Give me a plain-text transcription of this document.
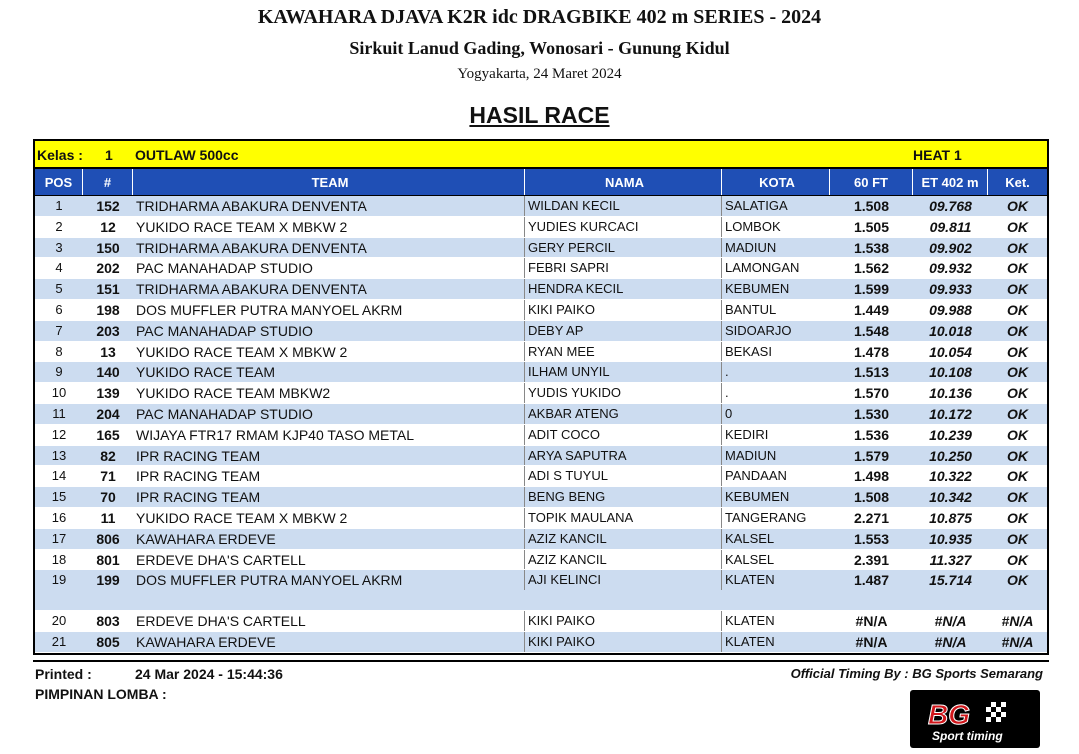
KAWAHARA DJAVA K2R idc DRAGBIKE 402 m SERIES - 2024
Sirkuit Lanud Gading, Wonosari - Gunung Kidul
Yogyakarta, 24 Maret 2024
HASIL RACE
Kelas : 1 OUTLAW 500cc	HEAT 1
POS	#	TEAM	NAMA	KOTA	60 FT	ET 402 m	Ket.
1	152	TRIDHARMA ABAKURA DENVENTA	WILDAN KECIL	SALATIGA	1.508	09.768	OK
2	12	YUKIDO RACE TEAM X MBKW 2	YUDIES KURCACI	LOMBOK	1.505	09.811	OK
3	150	TRIDHARMA ABAKURA DENVENTA	GERY PERCIL	MADIUN	1.538	09.902	OK
4	202	PAC MANAHADAP STUDIO	FEBRI SAPRI	LAMONGAN	1.562	09.932	OK
5	151	TRIDHARMA ABAKURA DENVENTA	HENDRA KECIL	KEBUMEN	1.599	09.933	OK
6	198	DOS MUFFLER PUTRA MANYOEL AKRM	KIKI PAIKO	BANTUL	1.449	09.988	OK
7	203	PAC MANAHADAP STUDIO	DEBY AP	SIDOARJO	1.548	10.018	OK
8	13	YUKIDO RACE TEAM X MBKW 2	RYAN MEE	BEKASI	1.478	10.054	OK
9	140	YUKIDO RACE TEAM	ILHAM UNYIL	.	1.513	10.108	OK
10	139	YUKIDO RACE TEAM MBKW2	YUDIS YUKIDO	.	1.570	10.136	OK
11	204	PAC MANAHADAP STUDIO	AKBAR ATENG	0	1.530	10.172	OK
12	165	WIJAYA FTR17 RMAM KJP40 TASO METAL	ADIT COCO	KEDIRI	1.536	10.239	OK
13	82	IPR RACING TEAM	ARYA SAPUTRA	MADIUN	1.579	10.250	OK
14	71	IPR RACING TEAM	ADI S TUYUL	PANDAAN	1.498	10.322	OK
15	70	IPR RACING TEAM	BENG BENG	KEBUMEN	1.508	10.342	OK
16	11	YUKIDO RACE TEAM X MBKW 2	TOPIK MAULANA	TANGERANG	2.271	10.875	OK
17	806	KAWAHARA ERDEVE	AZIZ KANCIL	KALSEL	1.553	10.935	OK
18	801	ERDEVE DHA'S CARTELL	AZIZ KANCIL	KALSEL	2.391	11.327	OK
19	199	DOS MUFFLER PUTRA MANYOEL AKRM	AJI KELINCI	KLATEN	1.487	15.714	OK
20	803	ERDEVE DHA'S CARTELL	KIKI PAIKO	KLATEN	#N/A	#N/A	#N/A
21	805	KAWAHARA ERDEVE	KIKI PAIKO	KLATEN	#N/A	#N/A	#N/A
Printed :	24 Mar 2024 - 15:44:36	Official Timing By : BG Sports Semarang
PIMPINAN LOMBA :
BG
Sport timing
